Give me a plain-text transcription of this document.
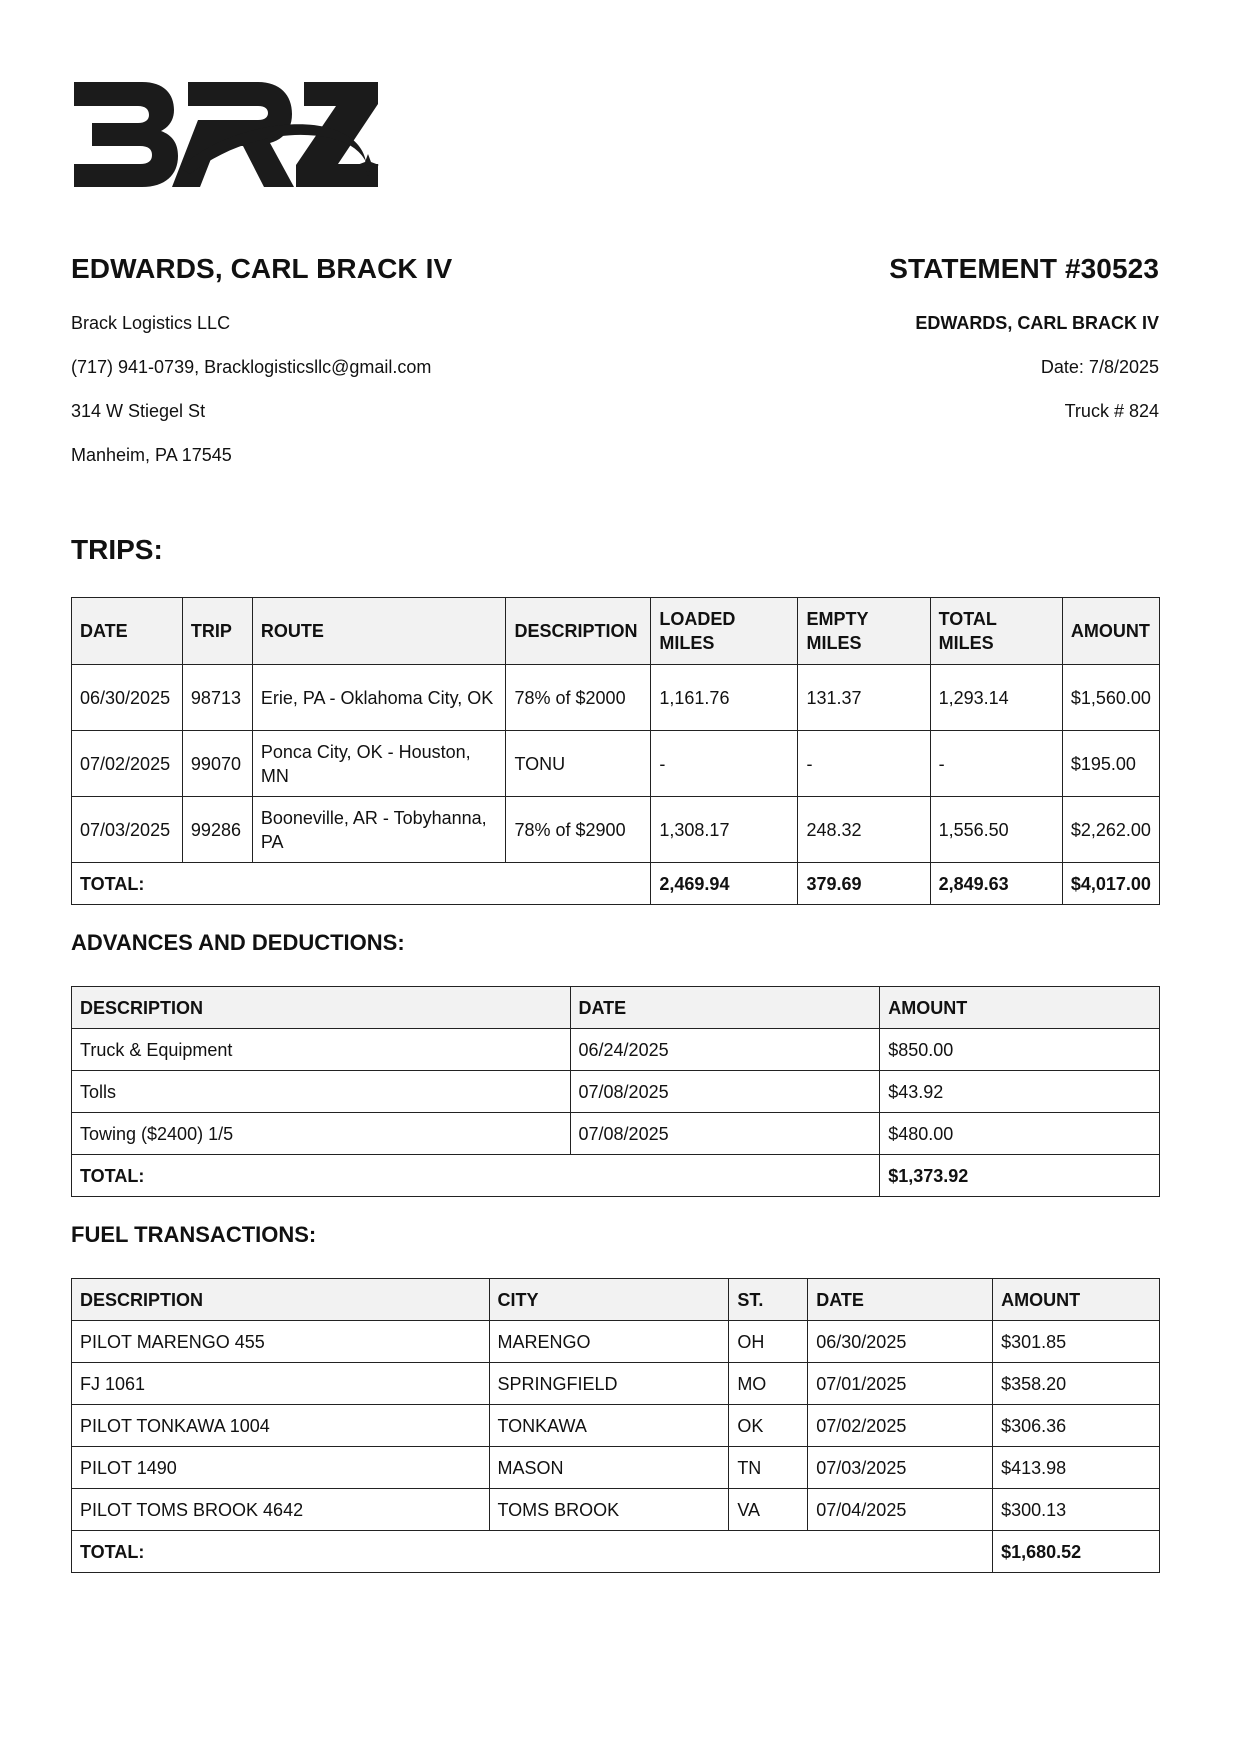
EDWARDS, CARL BRACK IV
Brack Logistics LLC
(717) 941-0739, Bracklogisticsllc@gmail.com
314 W Stiegel St
Manheim, PA 17545
STATEMENT #30523
EDWARDS, CARL BRACK IV
Date: 7/8/2025
Truck # 824
TRIPS:
DATE	TRIP	ROUTE	DESCRIPTION	LOADED MILES	EMPTY MILES	TOTAL MILES	AMOUNT
06/30/2025	98713	Erie, PA - Oklahoma City, OK	78% of $2000	1,161.76	131.37	1,293.14	$1,560.00
07/02/2025	99070	Ponca City, OK - Houston, MN	TONU	-	-	-	$195.00
07/03/2025	99286	Booneville, AR - Tobyhanna, PA	78% of $2900	1,308.17	248.32	1,556.50	$2,262.00
TOTAL:				2,469.94	379.69	2,849.63	$4,017.00
ADVANCES AND DEDUCTIONS:
DESCRIPTION	DATE	AMOUNT
Truck & Equipment	06/24/2025	$850.00
Tolls	07/08/2025	$43.92
Towing ($2400) 1/5	07/08/2025	$480.00
TOTAL:		$1,373.92
FUEL TRANSACTIONS:
DESCRIPTION	CITY	ST.	DATE	AMOUNT
PILOT MARENGO 455	MARENGO	OH	06/30/2025	$301.85
FJ 1061	SPRINGFIELD	MO	07/01/2025	$358.20
PILOT TONKAWA 1004	TONKAWA	OK	07/02/2025	$306.36
PILOT 1490	MASON	TN	07/03/2025	$413.98
PILOT TOMS BROOK 4642	TOMS BROOK	VA	07/04/2025	$300.13
TOTAL:				$1,680.52
